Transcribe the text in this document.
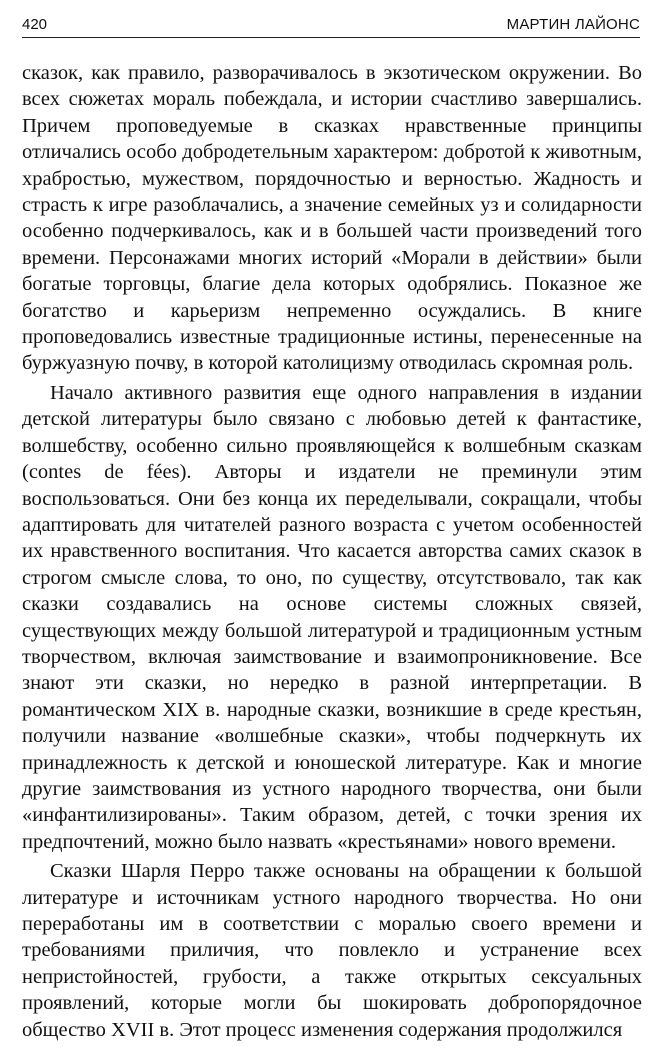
420	МАРТИН ЛАЙОНС

сказок, как правило, разворачивалось в экзотическом окружении. Во всех сюжетах мораль побеждала, и истории счастливо завершались. Причем проповедуемые в сказках нравственные принципы отличались особо добродетельным характером: добротой к животным, храбростью, мужеством, порядочностью и верностью. Жадность и страсть к игре разоблачались, а значение семейных уз и солидарности особенно подчеркивалось, как и в большей части произведений того времени. Персонажами многих историй «Морали в действии» были богатые торговцы, благие дела которых одобрялись. Показное же богатство и карьеризм непременно осуждались. В книге проповедовались известные традиционные истины, перенесенные на буржуазную почву, в которой католицизму отводилась скромная роль.

Начало активного развития еще одного направления в издании детской литературы было связано с любовью детей к фантастике, волшебству, особенно сильно проявляющейся к волшебным сказкам (contes de fées). Авторы и издатели не преминули этим воспользоваться. Они без конца их переделывали, сокращали, чтобы адаптировать для читателей разного возраста с учетом особенностей их нравственного воспитания. Что касается авторства самих сказок в строгом смысле слова, то оно, по существу, отсутствовало, так как сказки создавались на основе системы сложных связей, существующих между большой литературой и традиционным устным творчеством, включая заимствование и взаимопроникновение. Все знают эти сказки, но нередко в разной интерпретации. В романтическом XIX в. народные сказки, возникшие в среде крестьян, получили название «волшебные сказки», чтобы подчеркнуть их принадлежность к детской и юношеской литературе. Как и многие другие заимствования из устного народного творчества, они были «инфантилизированы». Таким образом, детей, с точки зрения их предпочтений, можно было назвать «крестьянами» нового времени.

Сказки Шарля Перро также основаны на обращении к большой литературе и источникам устного народного творчества. Но они переработаны им в соответствии с моралью своего времени и требованиями приличия, что повлекло и устранение всех непристойностей, грубости, а также открытых сексуальных проявлений, которые могли бы шокировать добропорядочное общество XVII в. Этот процесс изменения содержания продолжился
